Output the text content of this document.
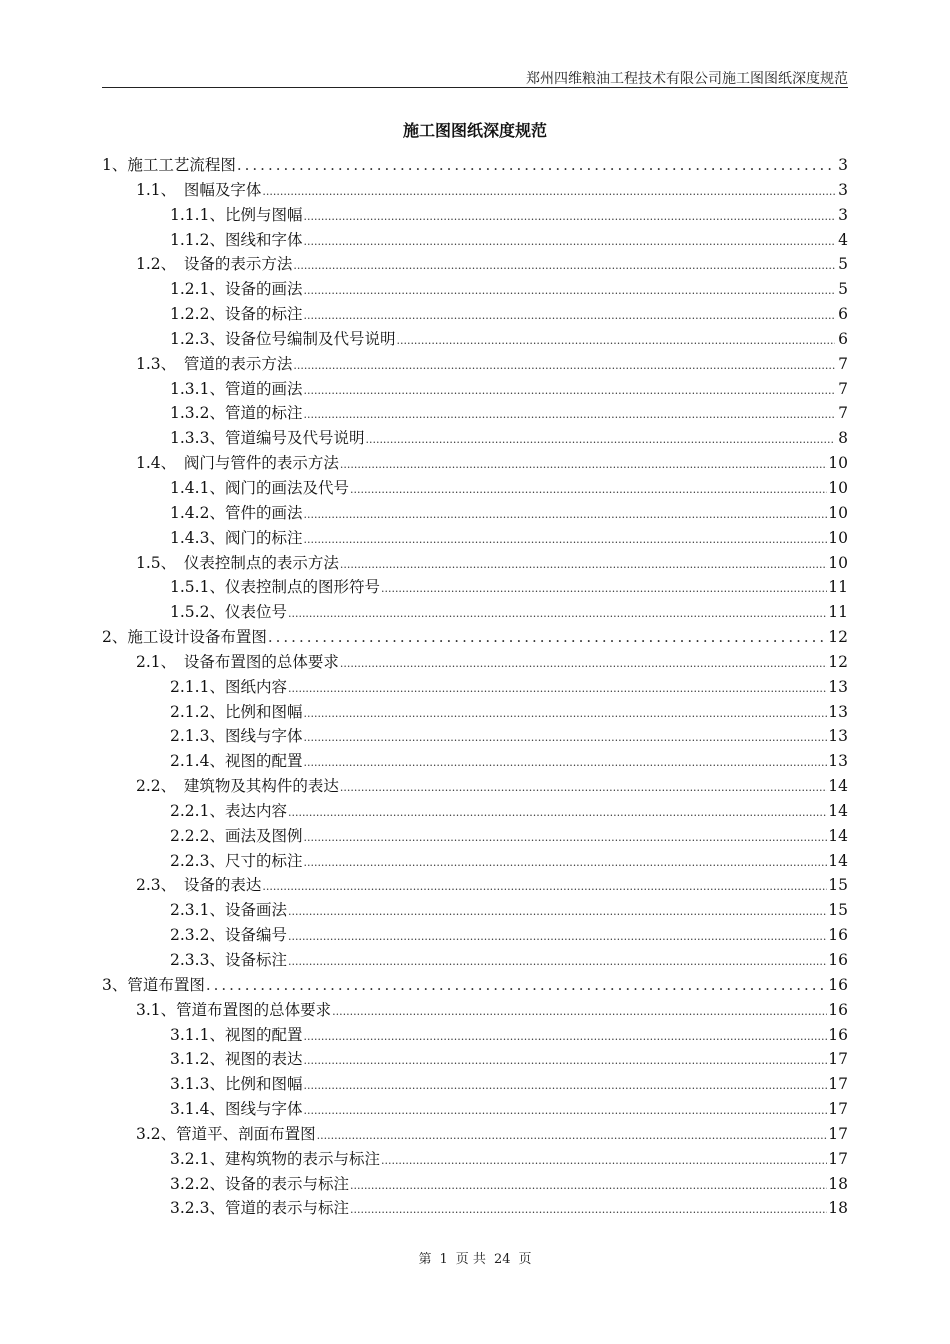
郑州四维粮油工程技术有限公司施工图图纸深度规范
施工图图纸深度规范
1、施工工艺流程图 .....	3
1.1、　图幅及字体 .....	3
1.1.1、比例与图幅 .....	3
1.1.2、图线和字体 .....	4
1.2、　设备的表示方法 .....	5
1.2.1、设备的画法 .....	5
1.2.2、设备的标注 .....	6
1.2.3、设备位号编制及代号说明 .....	6
1.3、　管道的表示方法 .....	7
1.3.1、管道的画法 .....	7
1.3.2、管道的标注 .....	7
1.3.3、管道编号及代号说明 .....	8
1.4、　阀门与管件的表示方法 .....	10
1.4.1、阀门的画法及代号 .....	10
1.4.2、管件的画法 .....	10
1.4.3、阀门的标注 .....	10
1.5、　仪表控制点的表示方法 .....	10
1.5.1、仪表控制点的图形符号 .....	11
1.5.2、仪表位号 .....	11
2、施工设计设备布置图 .....	12
2.1、　设备布置图的总体要求 .....	12
2.1.1、图纸内容 .....	13
2.1.2、比例和图幅 .....	13
2.1.3、图线与字体 .....	13
2.1.4、视图的配置 .....	13
2.2、　建筑物及其构件的表达 .....	14
2.2.1、表达内容 .....	14
2.2.2、画法及图例 .....	14
2.2.3、尺寸的标注 .....	14
2.3、　设备的表达 .....	15
2.3.1、设备画法 .....	15
2.3.2、设备编号 .....	16
2.3.3、设备标注 .....	16
3、管道布置图 .....	16
3.1、管道布置图的总体要求 .....	16
3.1.1、视图的配置 .....	16
3.1.2、视图的表达 .....	17
3.1.3、比例和图幅 .....	17
3.1.4、图线与字体 .....	17
3.2、管道平、剖面布置图 .....	17
3.2.1、建构筑物的表示与标注 .....	17
3.2.2、设备的表示与标注 .....	18
3.2.3、管道的表示与标注 .....	18
第 1 页 共 24 页
